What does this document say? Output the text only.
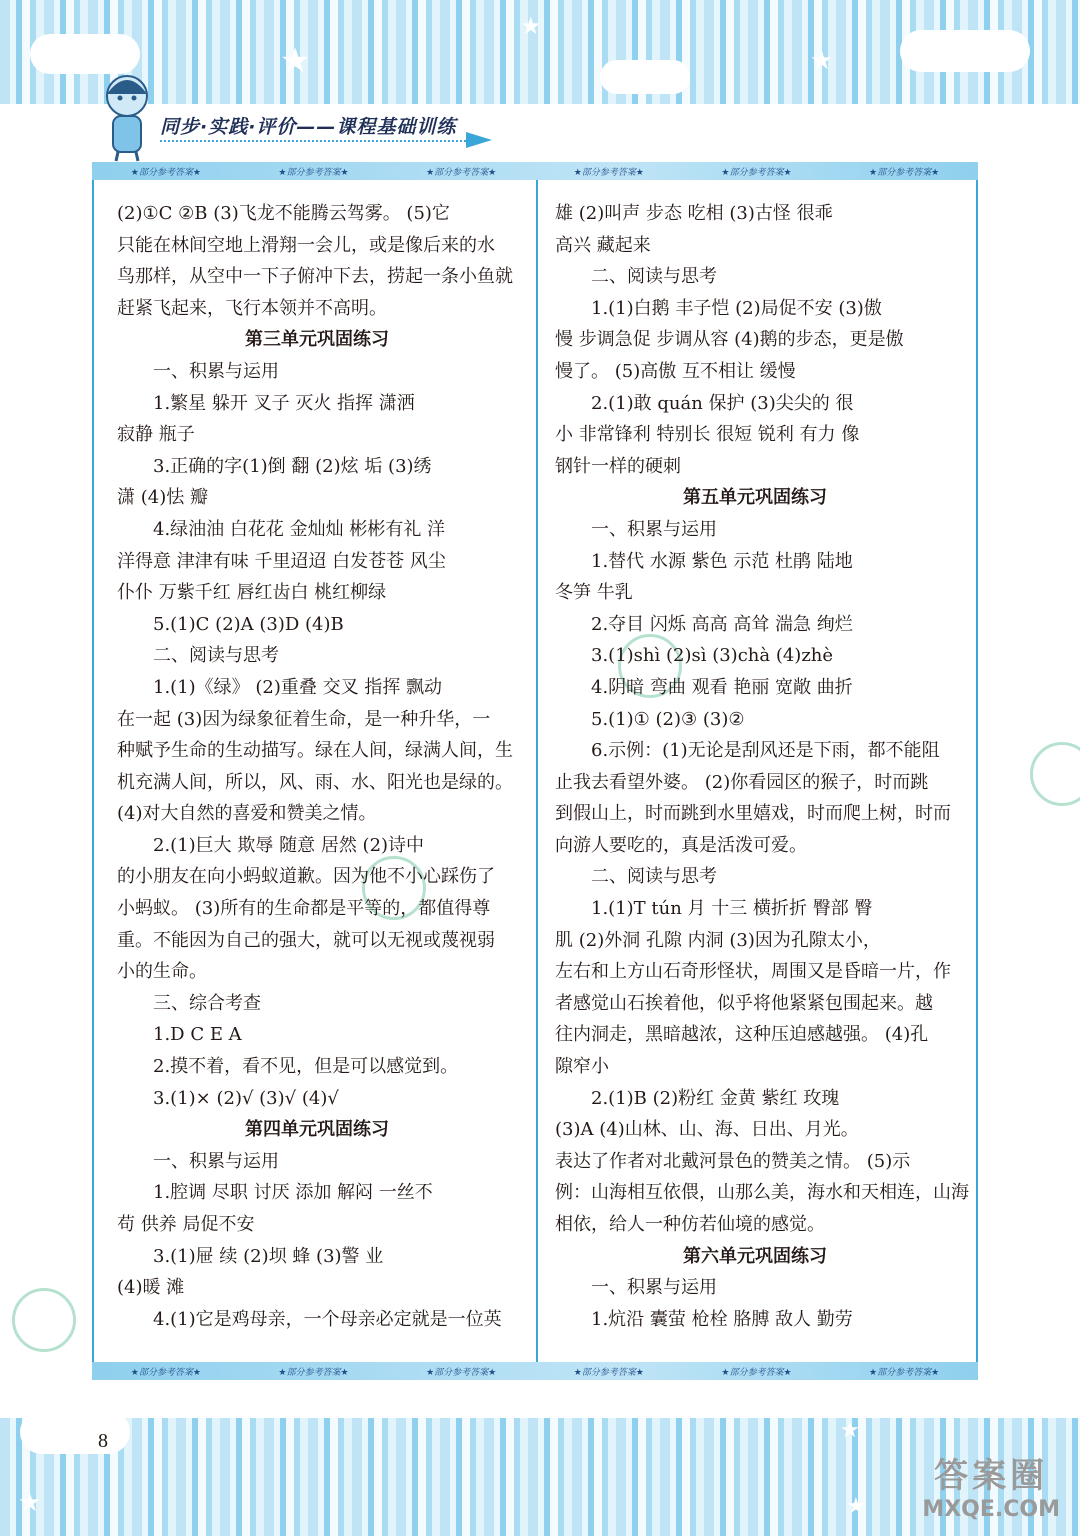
★
★
★
同步·实践·评价——课程基础训练
★部分参考答案★	★部分参考答案★	★部分参考答案★	★部分参考答案★	★部分参考答案★	★部分参考答案★
★部分参考答案★	★部分参考答案★	★部分参考答案★	★部分参考答案★	★部分参考答案★	★部分参考答案★
(2)①C ②B (3)飞龙不能腾云驾雾。 (5)它
只能在林间空地上滑翔一会儿，或是像后来的水
鸟那样，从空中一下子俯冲下去，捞起一条小鱼就
赶紧飞起来，飞行本领并不高明。
第三单元巩固练习
一、积累与运用
1.繁星 躲开 叉子 灭火 指挥 潇洒
寂静 瓶子
3.正确的字(1)倒 翻 (2)炫 垢 (3)绣
潇 (4)怯 瓣
4.绿油油 白花花 金灿灿 彬彬有礼 洋
洋得意 津津有味 千里迢迢 白发苍苍 风尘
仆仆 万紫千红 唇红齿白 桃红柳绿
5.(1)C (2)A (3)D (4)B
二、阅读与思考
1.(1)《绿》 (2)重叠 交叉 指挥 飘动
在一起 (3)因为绿象征着生命，是一种升华，一
种赋予生命的生动描写。绿在人间，绿满人间，生
机充满人间，所以，风、雨、水、阳光也是绿的。
(4)对大自然的喜爱和赞美之情。
2.(1)巨大 欺辱 随意 居然 (2)诗中
的小朋友在向小蚂蚁道歉。因为他不小心踩伤了
小蚂蚁。 (3)所有的生命都是平等的，都值得尊
重。不能因为自己的强大，就可以无视或蔑视弱
小的生命。
三、综合考查
1.D C E A
2.摸不着，看不见，但是可以感觉到。
3.(1)× (2)√ (3)√ (4)√
第四单元巩固练习
一、积累与运用
1.腔调 尽职 讨厌 添加 解闷 一丝不
苟 供养 局促不安
3.(1)屉 续 (2)坝 蜂 (3)警 业
(4)暖 滩
4.(1)它是鸡母亲，一个母亲必定就是一位英
雄 (2)叫声 步态 吃相 (3)古怪 很乖
高兴 藏起来
二、阅读与思考
1.(1)白鹅 丰子恺 (2)局促不安 (3)傲
慢 步调急促 步调从容 (4)鹅的步态，更是傲
慢了。 (5)高傲 互不相让 缓慢
2.(1)敢 quán 保护 (3)尖尖的 很
小 非常锋利 特别长 很短 锐利 有力 像
钢针一样的硬刺
第五单元巩固练习
一、积累与运用
1.替代 水源 紫色 示范 杜鹃 陆地
冬笋 牛乳
2.夺目 闪烁 高高 高耸 湍急 绚烂
3.(1)shì (2)sì (3)chà (4)zhè
4.阴暗 弯曲 观看 艳丽 宽敞 曲折
5.(1)① (2)③ (3)②
6.示例：(1)无论是刮风还是下雨，都不能阻
止我去看望外婆。 (2)你看园区的猴子，时而跳
到假山上，时而跳到水里嬉戏，时而爬上树，时而
向游人要吃的，真是活泼可爱。
二、阅读与思考
1.(1)T tún 月 十三 横折折 臀部 臀
肌 (2)外洞 孔隙 内洞 (3)因为孔隙太小，
左右和上方山石奇形怪状，周围又是昏暗一片，作
者感觉山石挨着他，似乎将他紧紧包围起来。越
往内洞走，黑暗越浓，这种压迫感越强。 (4)孔
隙窄小
2.(1)B (2)粉红 金黄 紫红 玫瑰
(3)A (4)山林、山、海、日出、月光。
表达了作者对北戴河景色的赞美之情。 (5)示
例：山海相互依偎，山那么美，海水和天相连，山海
相依，给人一种仿若仙境的感觉。
第六单元巩固练习
一、积累与运用
1.炕沿 囊萤 枪栓 胳膊 敌人 勤劳
★
★
★
8
答案圈
MXQE.COM
